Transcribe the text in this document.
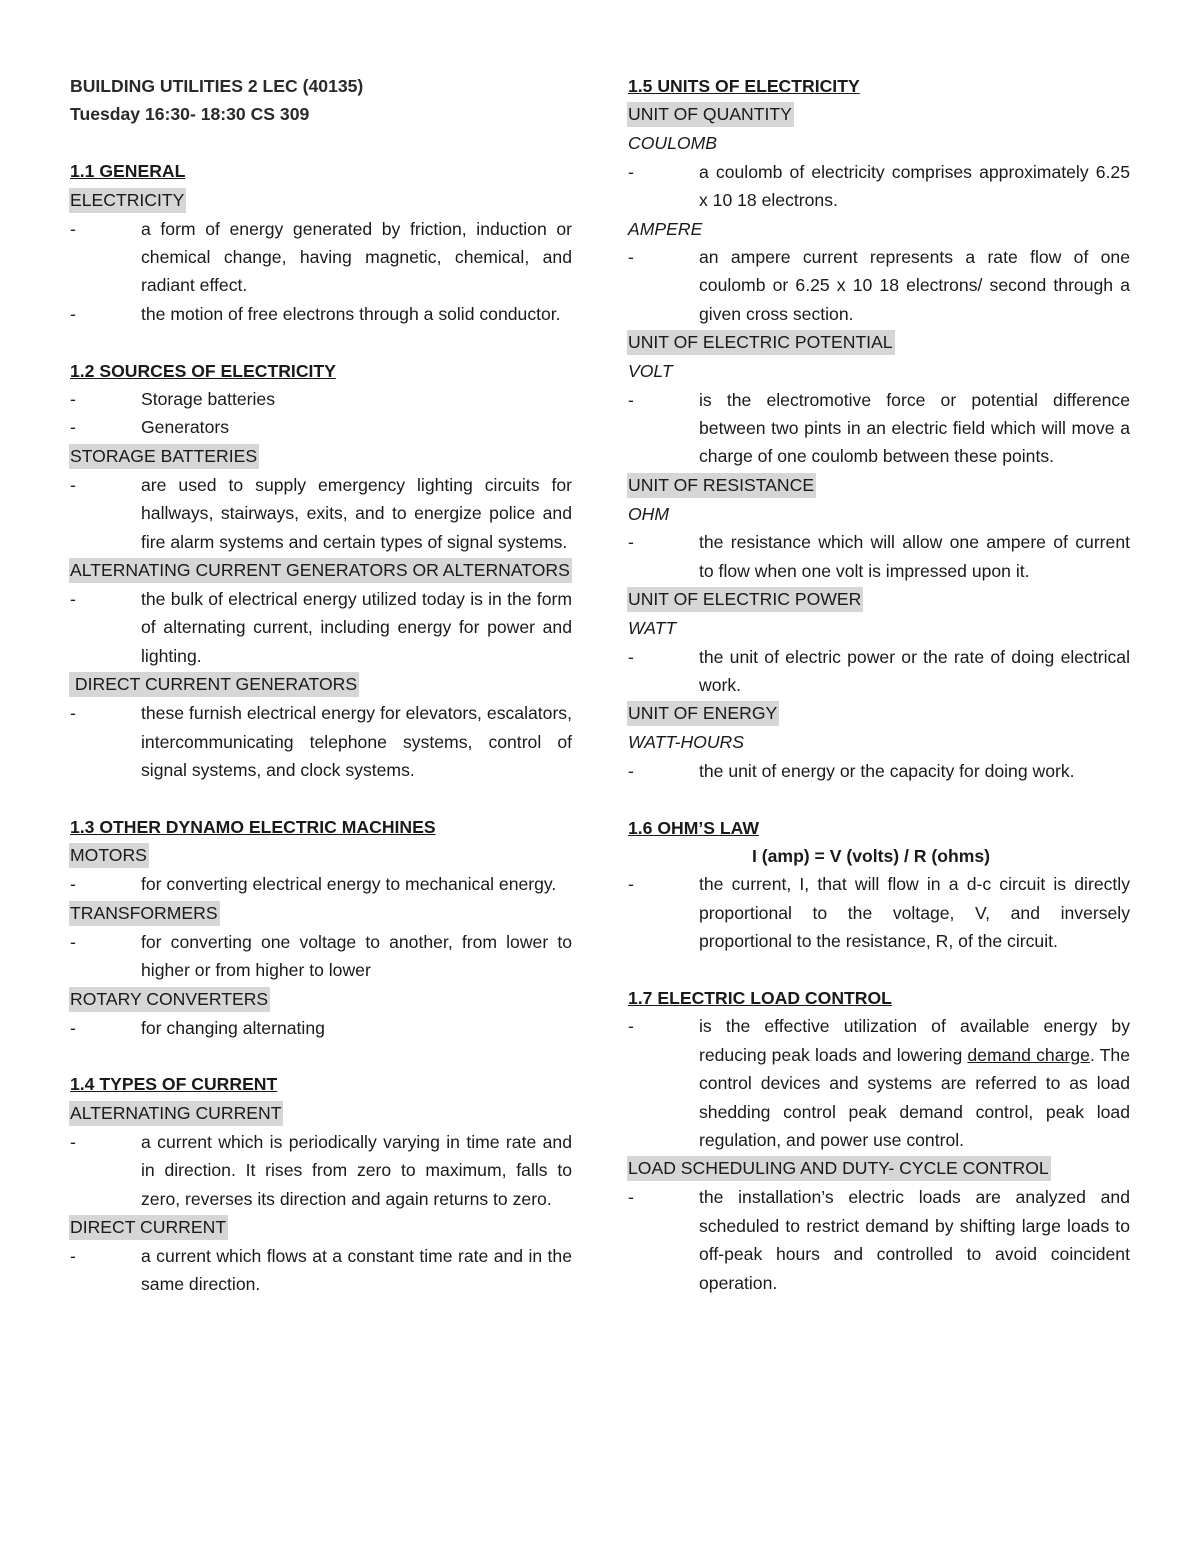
BUILDING UTILITIES 2 LEC (40135)
Tuesday 16:30- 18:30 CS 309
1.1 GENERAL
ELECTRICITY
-	a form of energy generated by friction, induction or chemical change, having magnetic, chemical, and radiant effect.
-	the motion of free electrons through a solid conductor.
1.2 SOURCES OF ELECTRICITY
-	Storage batteries
-	Generators
STORAGE BATTERIES
-	are used to supply emergency lighting circuits for hallways, stairways, exits, and to energize police and fire alarm systems and certain types of signal systems.
ALTERNATING CURRENT GENERATORS OR ALTERNATORS
-	the bulk of electrical energy utilized today is in the form of alternating current, including energy for power and lighting.
DIRECT CURRENT GENERATORS
-	these furnish electrical energy for elevators, escalators, intercommunicating telephone systems, control of signal systems, and clock systems.
1.3 OTHER DYNAMO ELECTRIC MACHINES
MOTORS
-	for converting electrical energy to mechanical energy.
TRANSFORMERS
-	for converting one voltage to another, from lower to higher or from higher to lower
ROTARY CONVERTERS
-	for changing alternating
1.4 TYPES OF CURRENT
ALTERNATING CURRENT
-	a current which is periodically varying in time rate and in direction. It rises from zero to maximum, falls to zero, reverses its direction and again returns to zero.
DIRECT CURRENT
-	a current which flows at a constant time rate and in the same direction.
1.5 UNITS OF ELECTRICITY
UNIT OF QUANTITY
COULOMB
-	a coulomb of electricity comprises approximately 6.25 x 10 18 electrons.
AMPERE
-	an ampere current represents a rate flow of one coulomb or 6.25 x 10 18 electrons/ second through a given cross section.
UNIT OF ELECTRIC POTENTIAL
VOLT
-	is the electromotive force or potential difference between two pints in an electric field which will move a charge of one coulomb between these points.
UNIT OF RESISTANCE
OHM
-	the resistance which will allow one ampere of current to flow when one volt is impressed upon it.
UNIT OF ELECTRIC POWER
WATT
-	the unit of electric power or the rate of doing electrical work.
UNIT OF ENERGY
WATT-HOURS
-	the unit of energy or the capacity for doing work.
1.6 OHM’S LAW
I (amp) = V (volts) / R (ohms)
-	the current, I, that will flow in a d-c circuit is directly proportional to the voltage, V, and inversely proportional to the resistance, R, of the circuit.
1.7 ELECTRIC LOAD CONTROL
-	is the effective utilization of available energy by reducing peak loads and lowering demand charge. The control devices and systems are referred to as load shedding control peak demand control, peak load regulation, and power use control.
LOAD SCHEDULING AND DUTY- CYCLE CONTROL
-	the installation’s electric loads are analyzed and scheduled to restrict demand by shifting large loads to off-peak hours and controlled to avoid coincident operation.
